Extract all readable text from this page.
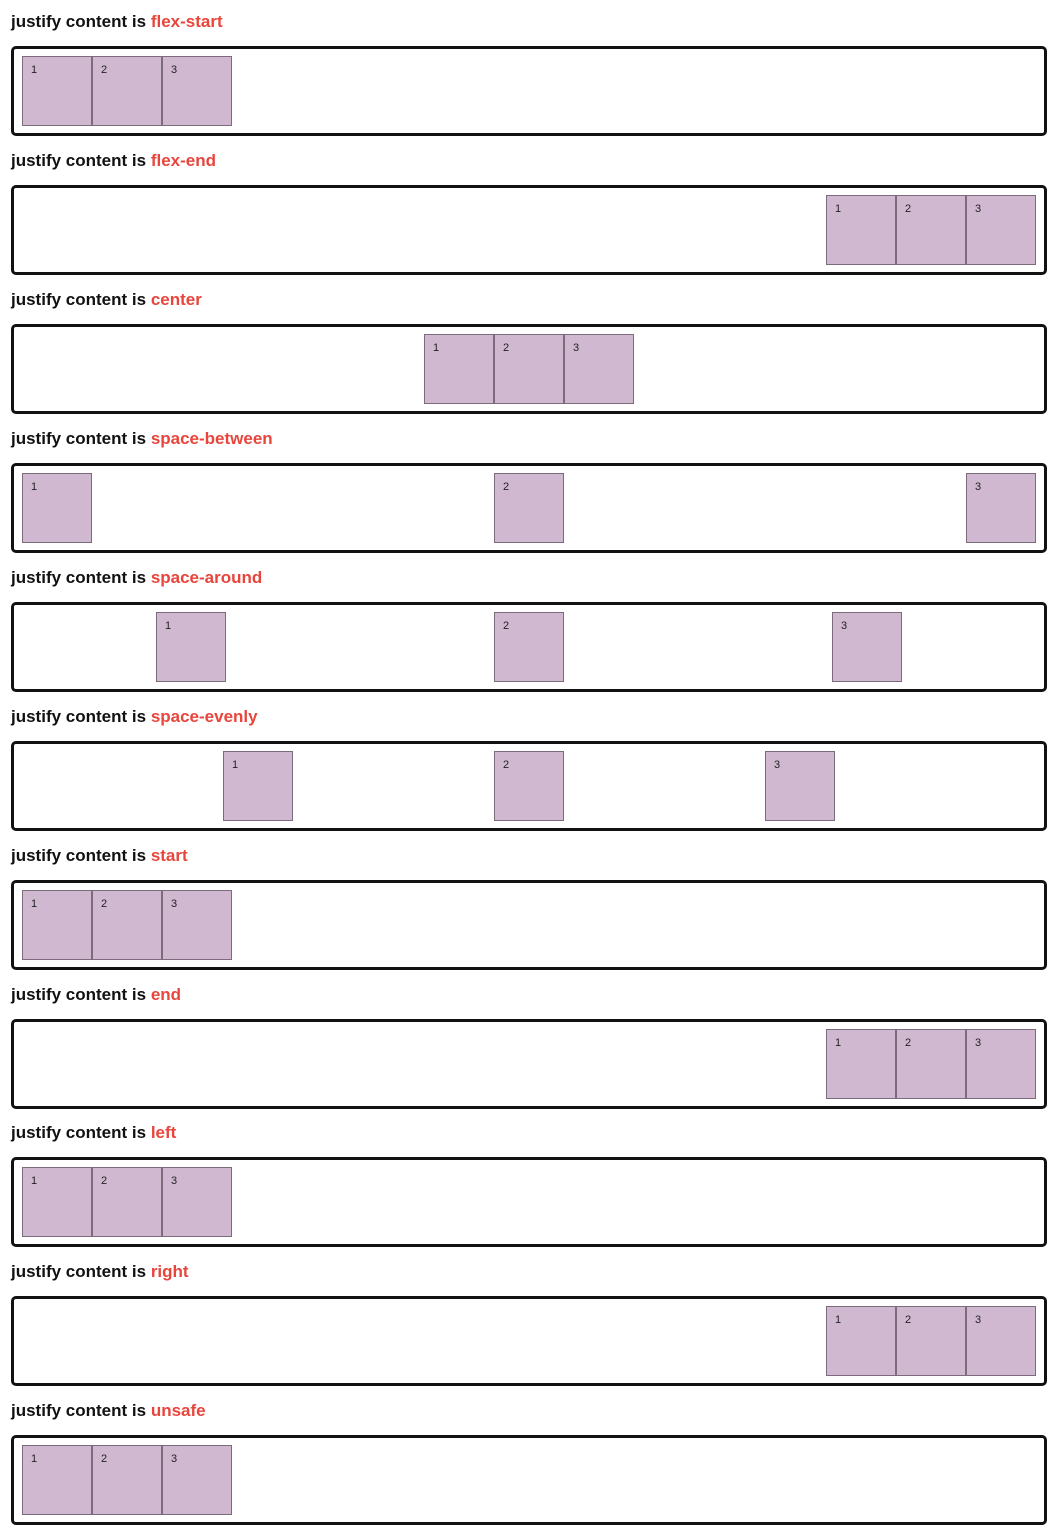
justify content is flex-start
1	2	3
justify content is flex-end
1	2	3
justify content is center
1	2	3
justify content is space-between
1	2	3
justify content is space-around
1	2	3
justify content is space-evenly
1	2	3
justify content is start
1	2	3
justify content is end
1	2	3
justify content is left
1	2	3
justify content is right
1	2	3
justify content is unsafe
1	2	3
